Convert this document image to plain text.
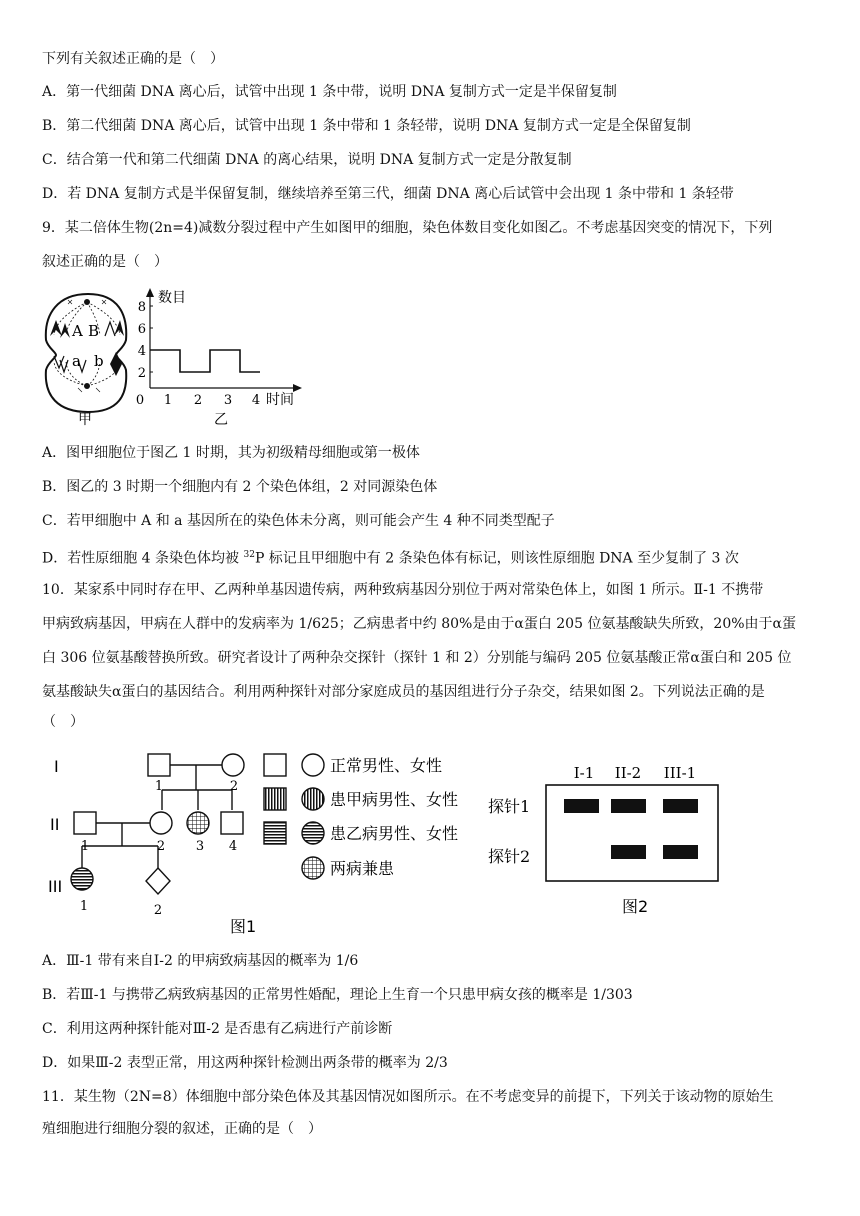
下列有关叙述正确的是（　）
A．第一代细菌 DNA 离心后，试管中出现 1 条中带，说明 DNA 复制方式一定是半保留复制
B．第二代细菌 DNA 离心后，试管中出现 1 条中带和 1 条轻带，说明 DNA 复制方式一定是全保留复制
C．结合第一代和第二代细菌 DNA 的离心结果，说明 DNA 复制方式一定是分散复制
D．若 DNA 复制方式是半保留复制，继续培养至第三代，细菌 DNA 离心后试管中会出现 1 条中带和 1 条轻带
9．某二倍体生物(2n=4)减数分裂过程中产生如图甲的细胞，染色体数目变化如图乙。不考虑基因突变的情况下，下列
叙述正确的是（　）
A B
a b
甲
数目
2
4
6
8
0 1 2 3 4 时间
乙
A．图甲细胞位于图乙 1 时期，其为初级精母细胞或第一极体
B．图乙的 3 时期一个细胞内有 2 个染色体组，2 对同源染色体
C．若甲细胞中 A 和 a 基因所在的染色体未分离，则可能会产生 4 种不同类型配子
D．若性原细胞 4 条染色体均被 $^{32}$P 标记且甲细胞中有 2 条染色体有标记，则该性原细胞 DNA 至少复制了 3 次
10．某家系中同时存在甲、乙两种单基因遗传病，两种致病基因分别位于两对常染色体上，如图 1 所示。Ⅱ-1 不携带
甲病致病基因，甲病在人群中的发病率为 1/625；乙病患者中约 80%是由于α蛋白 205 位氨基酸缺失所致，20%由于α蛋
白 306 位氨基酸替换所致。研究者设计了两种杂交探针（探针 1 和 2）分别能与编码 205 位氨基酸正常α蛋白和 205 位
氨基酸缺失α蛋白的基因结合。利用两种探针对部分家庭成员的基因组进行分子杂交，结果如图 2。下列说法正确的是
（　）
I
II
III
1	2
1	2 3 4
1	2
正常男性、女性
患甲病男性、女性
患乙病男性、女性
两病兼患
图1
I-1 II-2 III-1
探针1
探针2
图2
A．Ⅲ-1 带有来自Ⅰ-2 的甲病致病基因的概率为 1/6
B．若Ⅲ-1 与携带乙病致病基因的正常男性婚配，理论上生育一个只患甲病女孩的概率是 1/303
C．利用这两种探针能对Ⅲ-2 是否患有乙病进行产前诊断
D．如果Ⅲ-2 表型正常，用这两种探针检测出两条带的概率为 2/3
11．某生物（2N=8）体细胞中部分染色体及其基因情况如图所示。在不考虑变异的前提下，下列关于该动物的原始生
殖细胞进行细胞分裂的叙述，正确的是（　）
